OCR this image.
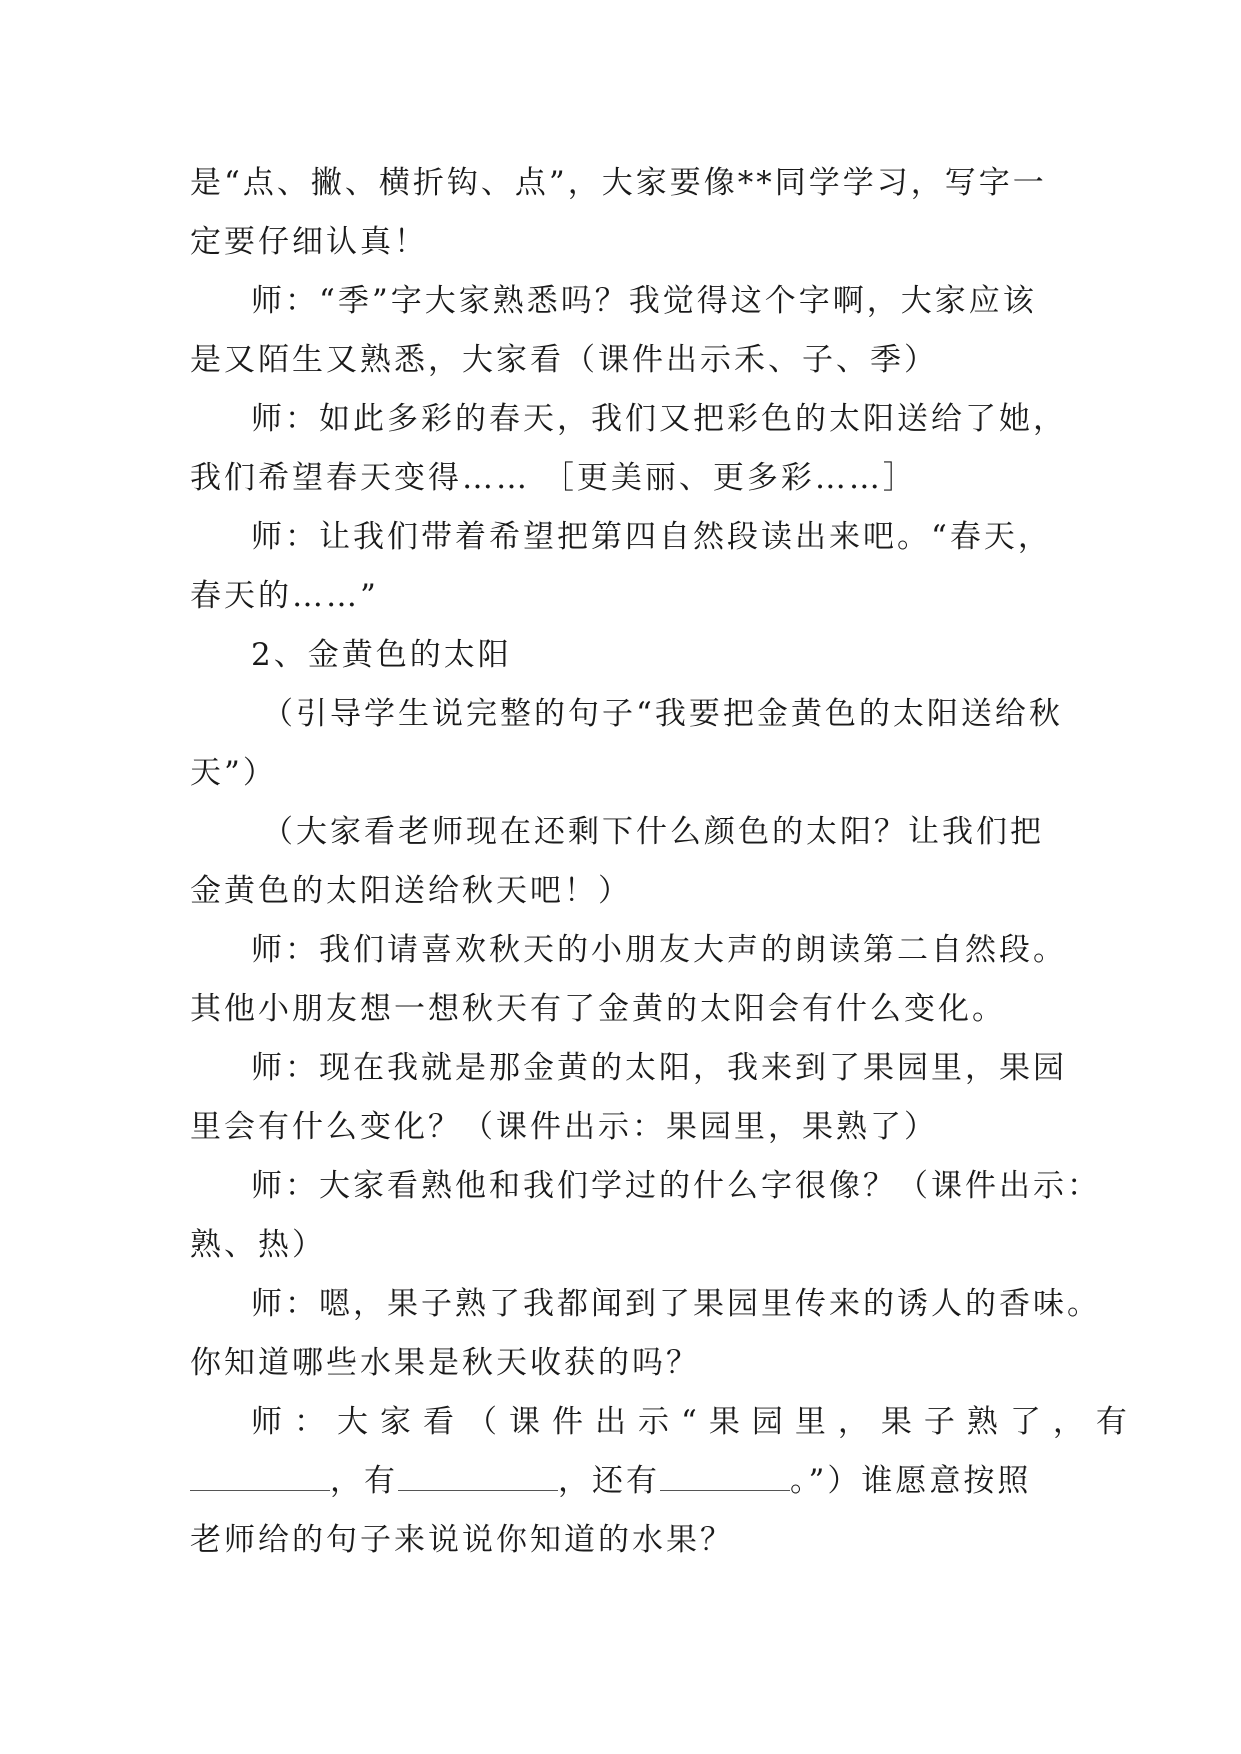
是“点、撇、横折钩、点”，大家要像**同学学习，写字一
定要仔细认真！
师：“季”字大家熟悉吗？我觉得这个字啊，大家应该
是又陌生又熟悉，大家看（课件出示禾、子、季）
师：如此多彩的春天，我们又把彩色的太阳送给了她，
我们希望春天变得…… ［更美丽、更多彩……］
师：让我们带着希望把第四自然段读出来吧。“春天，
春天的……”
2、金黄色的太阳
（引导学生说完整的句子“我要把金黄色的太阳送给秋
天”）
（大家看老师现在还剩下什么颜色的太阳？让我们把
金黄色的太阳送给秋天吧！）
师：我们请喜欢秋天的小朋友大声的朗读第二自然段。
其他小朋友想一想秋天有了金黄的太阳会有什么变化。
师：现在我就是那金黄的太阳，我来到了果园里，果园
里会有什么变化？（课件出示：果园里，果熟了）
师：大家看熟他和我们学过的什么字很像？（课件出示：
熟、热）
师：嗯，果子熟了我都闻到了果园里传来的诱人的香味。
你知道哪些水果是秋天收获的吗？
师：大家看（课件出示“果园里，果子熟了，有
，有	，还有	。”）谁愿意按照
老师给的句子来说说你知道的水果？
